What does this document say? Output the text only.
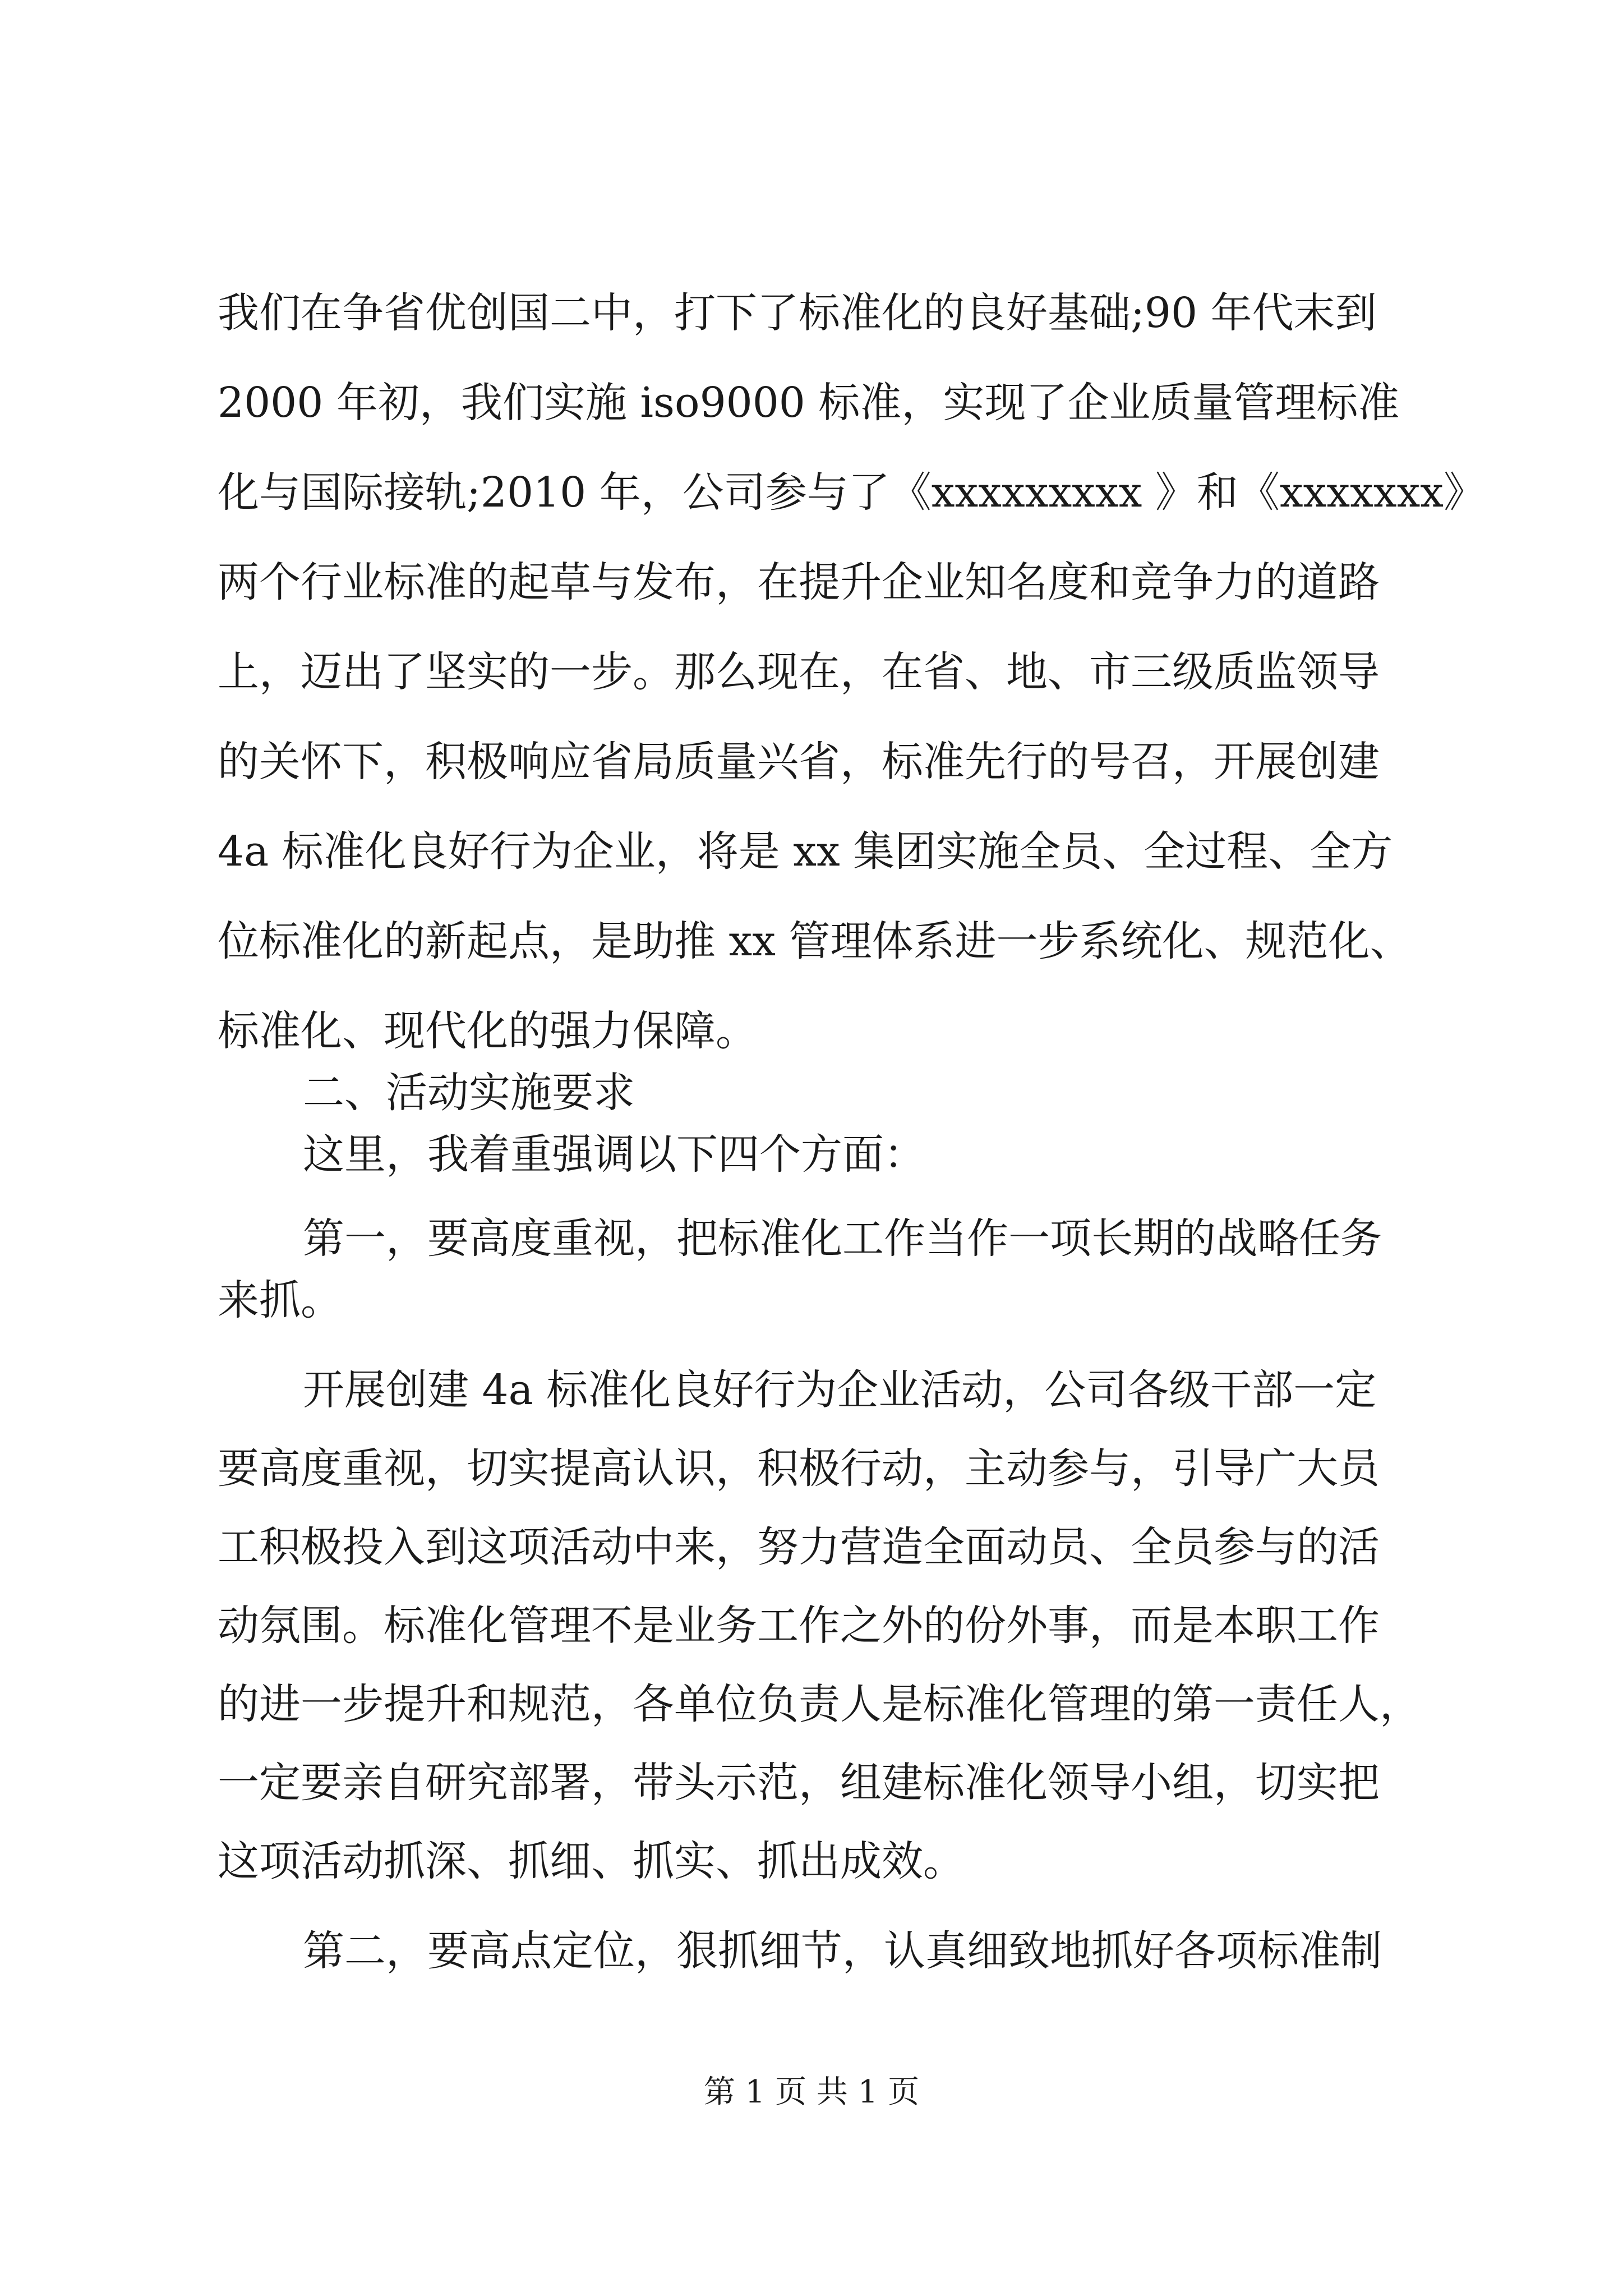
我们在争省优创国二中，打下了标准化的良好基础;90 年代末到
2000 年初，我们实施 iso9000 标准，实现了企业质量管理标准
化与国际接轨;2010 年，公司参与了《xxxxxxxxx 》和《xxxxxxx》
两个行业标准的起草与发布，在提升企业知名度和竞争力的道路
上，迈出了坚实的一步。那么现在，在省、地、市三级质监领导
的关怀下，积极响应省局质量兴省，标准先行的号召，开展创建
4a 标准化良好行为企业，将是 xx 集团实施全员、全过程、全方
位标准化的新起点，是助推 xx 管理体系进一步系统化、规范化、
标准化、现代化的强力保障。
二、活动实施要求
这里，我着重强调以下四个方面：
第一，要高度重视，把标准化工作当作一项长期的战略任务
来抓。
开展创建 4a 标准化良好行为企业活动，公司各级干部一定
要高度重视，切实提高认识，积极行动，主动参与，引导广大员
工积极投入到这项活动中来，努力营造全面动员、全员参与的活
动氛围。标准化管理不是业务工作之外的份外事，而是本职工作
的进一步提升和规范，各单位负责人是标准化管理的第一责任人，
一定要亲自研究部署，带头示范，组建标准化领导小组，切实把
这项活动抓深、抓细、抓实、抓出成效。
第二，要高点定位，狠抓细节，认真细致地抓好各项标准制
第 1 页 共 1 页
